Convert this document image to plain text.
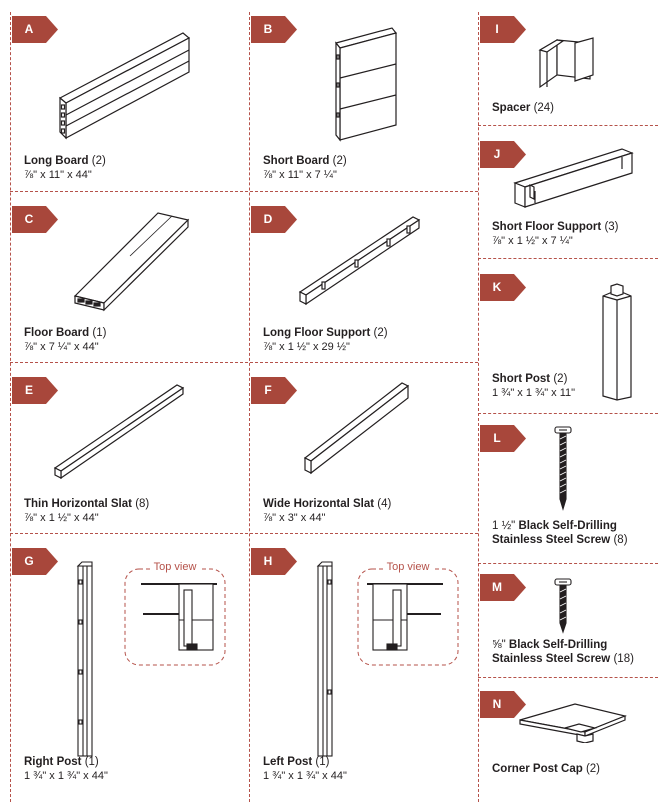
A	B
C	D
E	F
G	H
I
J
K
L
M
N
Top view	Top view
Long Board (2)
⅞" x 11" x 44"
Short Board (2)
⅞" x 11" x 7 ¼"
Floor Board (1)
⅞" x 7 ¼" x 44"
Long Floor Support (2)
⅞" x 1 ½" x 29 ½"
Thin Horizontal Slat (8)
⅞" x 1 ½" x 44"
Wide Horizontal Slat (4)
⅞" x 3" x 44"
Right Post (1)
1 ¾" x 1 ¾" x 44"
Left Post (1)
1 ¾" x 1 ¾" x 44"
Spacer (24)
Short Floor Support (3)
⅞" x 1 ½" x 7 ¼"
Short Post (2)
1 ¾" x 1 ¾" x 11"
1 ½" Black Self-Drilling
Stainless Steel Screw (8)
⅝" Black Self-Drilling
Stainless Steel Screw (18)
Corner Post Cap (2)
